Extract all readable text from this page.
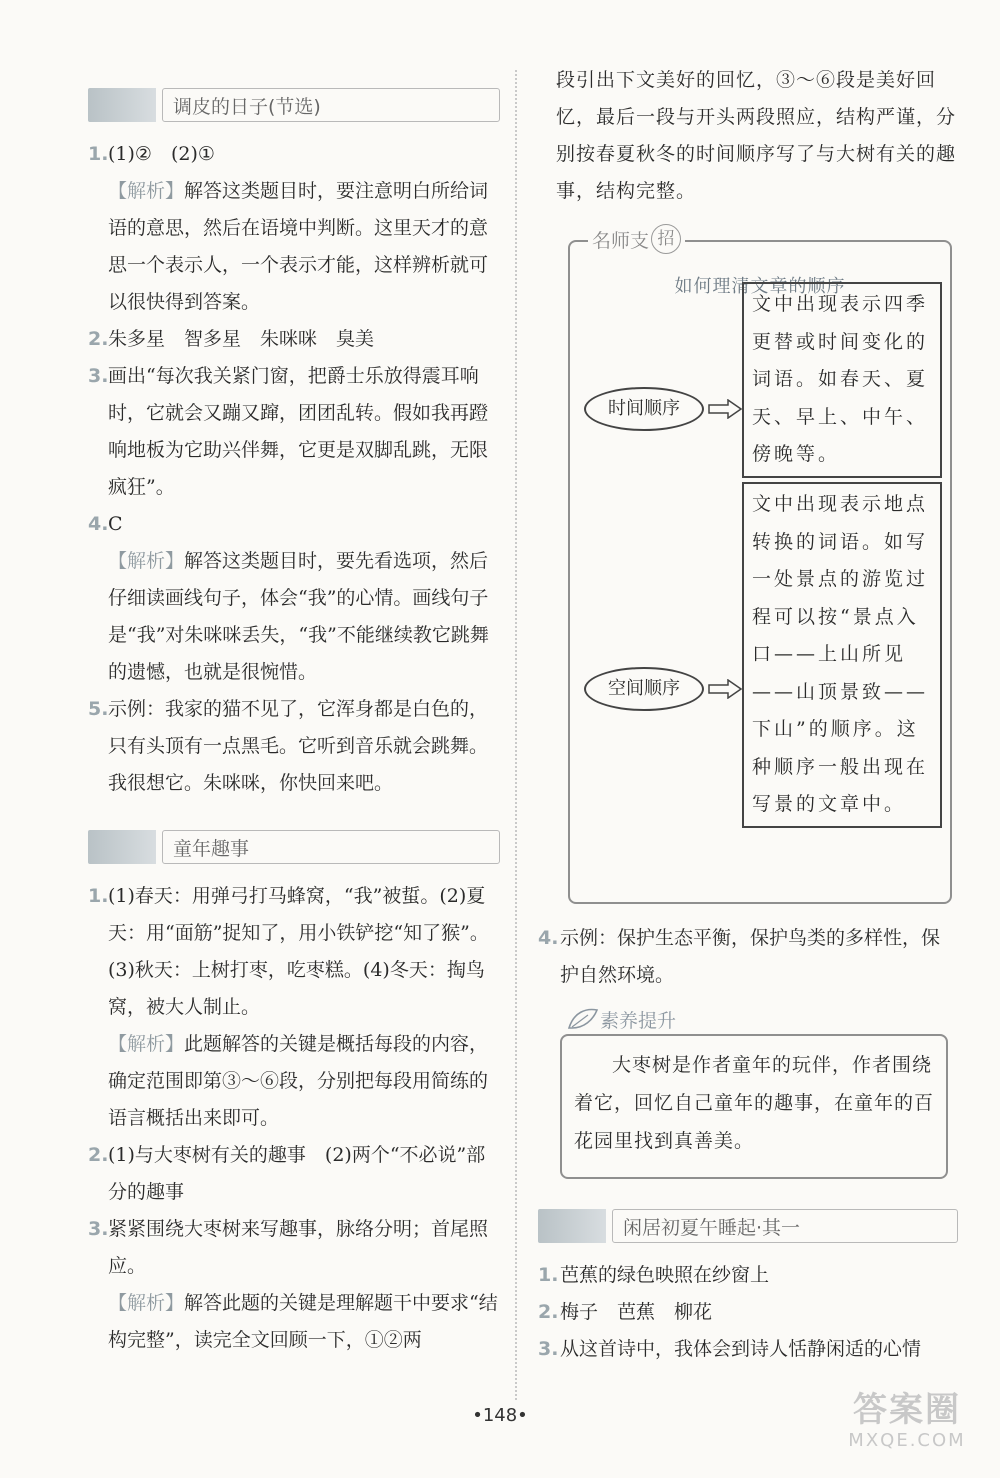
调皮的日子(节选)
1. (1)②　(2)①
【解析】解答这类题目时，要注意明白所给词语的意思，然后在语境中判断。这里天才的意思一个表示人，一个表示才能，这样辨析就可以很快得到答案。
2. 朱多星　智多星　朱咪咪　臭美
3. 画出“每次我关紧门窗，把爵士乐放得震耳响时，它就会又蹦又蹿，团团乱转。假如我再蹬响地板为它助兴伴舞，它更是双脚乱跳，无限疯狂”。
4. C
【解析】解答这类题目时，要先看选项，然后仔细读画线句子，体会“我”的心情。画线句子是“我”对朱咪咪丢失，“我”不能继续教它跳舞的遗憾，也就是很惋惜。
5. 示例：我家的猫不见了，它浑身都是白色的，只有头顶有一点黑毛。它听到音乐就会跳舞。我很想它。朱咪咪，你快回来吧。
童年趣事
1. (1)春天：用弹弓打马蜂窝，“我”被蜇。(2)夏天：用“面筋”捉知了，用小铁铲挖“知了猴”。　(3)秋天：上树打枣，吃枣糕。(4)冬天：掏鸟窝，被大人制止。
【解析】此题解答的关键是概括每段的内容，确定范围即第③～⑥段，分别把每段用简练的语言概括出来即可。
2. (1)与大枣树有关的趣事　(2)两个“不必说”部分的趣事
3. 紧紧围绕大枣树来写趣事，脉络分明；首尾照应。
【解析】解答此题的关键是理解题干中要求“结构完整”，读完全文回顾一下，①②两
段引出下文美好的回忆，③～⑥段是美好回忆，最后一段与开头两段照应，结构严谨，分别按春夏秋冬的时间顺序写了与大树有关的趣事，结构完整。
名师支 招
如何理清文章的顺序
时间顺序
文中出现表示四季更替或时间变化的词语。如春天、夏天、早上、中午、傍晚等。
空间顺序
文中出现表示地点转换的词语。如写一处景点的游览过程可以按“景点入口——上山所见——山顶景致——下山”的顺序。这种顺序一般出现在写景的文章中。
4. 示例：保护生态平衡，保护鸟类的多样性，保护自然环境。
素养提升
大枣树是作者童年的玩伴，作者围绕着它，回忆自己童年的趣事，在童年的百花园里找到真善美。
闲居初夏午睡起·其一
1. 芭蕉的绿色映照在纱窗上
2. 梅子　芭蕉　柳花
3. 从这首诗中，我体会到诗人恬静闲适的心情
•148•	答案圈
MXQE.COM
